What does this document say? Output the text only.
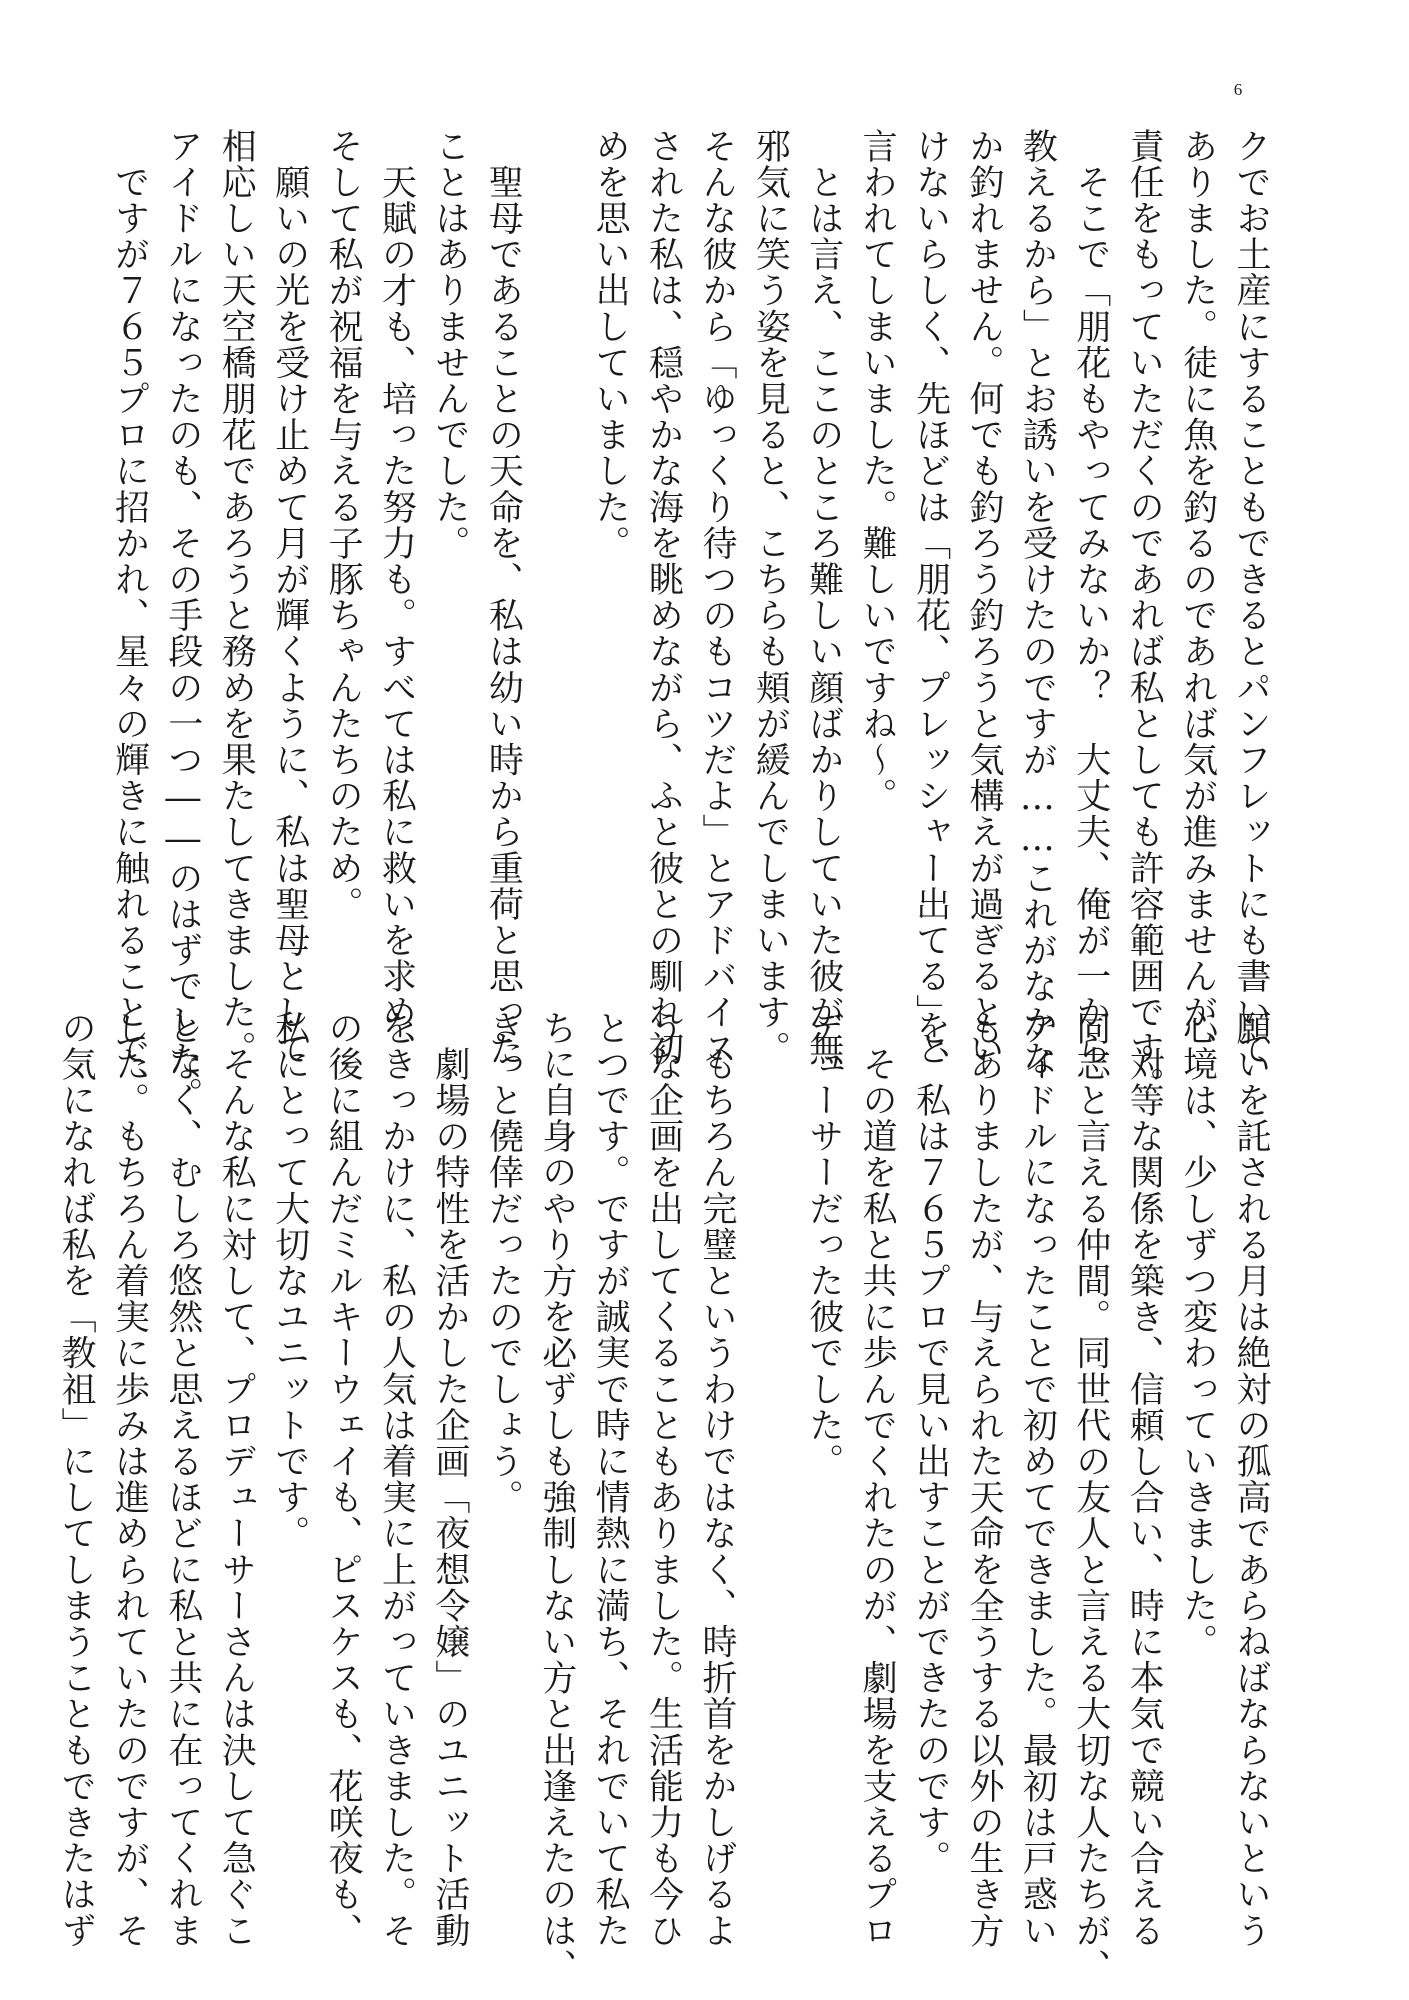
6
クでお土産にすることもできるとパンフレットにも書いて
ありました。徒に魚を釣るのであれば気が進みませんが、
責任をもっていただくのであれば私としても許容範囲です。
　そこで「朋花もやってみないか？　大丈夫、俺が一から
教えるから」とお誘いを受けたのですが……これがなかな
か釣れません。何でも釣ろう釣ろうと気構えが過ぎるとい
けないらしく、先ほどは「朋花、プレッシャー出てる」と
言われてしまいました。難しいですね～。
　とは言え、ここのところ難しい顔ばかりしていた彼が無
邪気に笑う姿を見ると、こちらも頬が緩んでしまいます。
そんな彼から「ゆっくり待つのもコツだよ」とアドバイス
された私は、穏やかな海を眺めながら、ふと彼との馴れ初
めを思い出していました。
　聖母であることの天命を、私は幼い時から重荷と思った
ことはありませんでした。
　天賦の才も、培った努力も。すべては私に救いを求め、
そして私が祝福を与える子豚ちゃんたちのため。
　願いの光を受け止めて月が輝くように、私は聖母として
相応しい天空橋朋花であろうと務めを果たしてきました。
アイドルになったのも、その手段の一つ――のはずでした。
　ですが７６５プロに招かれ、星々の輝きに触れることで、
願いを託される月は絶対の孤高であらねばならないという
心境は、少しずつ変わっていきました。
　対等な関係を築き、信頼し合い、時に本気で競い合える
同志と言える仲間。同世代の友人と言える大切な人たちが、
アイドルになったことで初めてできました。最初は戸惑い
もありましたが、与えられた天命を全うする以外の生き方
を、私は７６５プロで見い出すことができたのです。
　その道を私と共に歩んでくれたのが、劇場を支えるプロ
デューサーだった彼でした。
　もちろん完璧というわけではなく、時折首をかしげるよ
うな企画を出してくることもありました。生活能力も今ひ
とつです。ですが誠実で時に情熱に満ち、それでいて私た
ちに自身のやり方を必ずしも強制しない方と出逢えたのは、
きっと僥倖だったのでしょう。
　劇場の特性を活かした企画「夜想令嬢」のユニット活動
をきっかけに、私の人気は着実に上がっていきました。そ
の後に組んだミルキーウェイも、ピスケスも、花咲夜も、
私にとって大切なユニットです。
　そんな私に対して、プロデューサーさんは決して急ぐこ
となく、むしろ悠然と思えるほどに私と共に在ってくれま
した。もちろん着実に歩みは進められていたのですが、そ
の気になれば私を「教祖」にしてしまうこともできたはず
